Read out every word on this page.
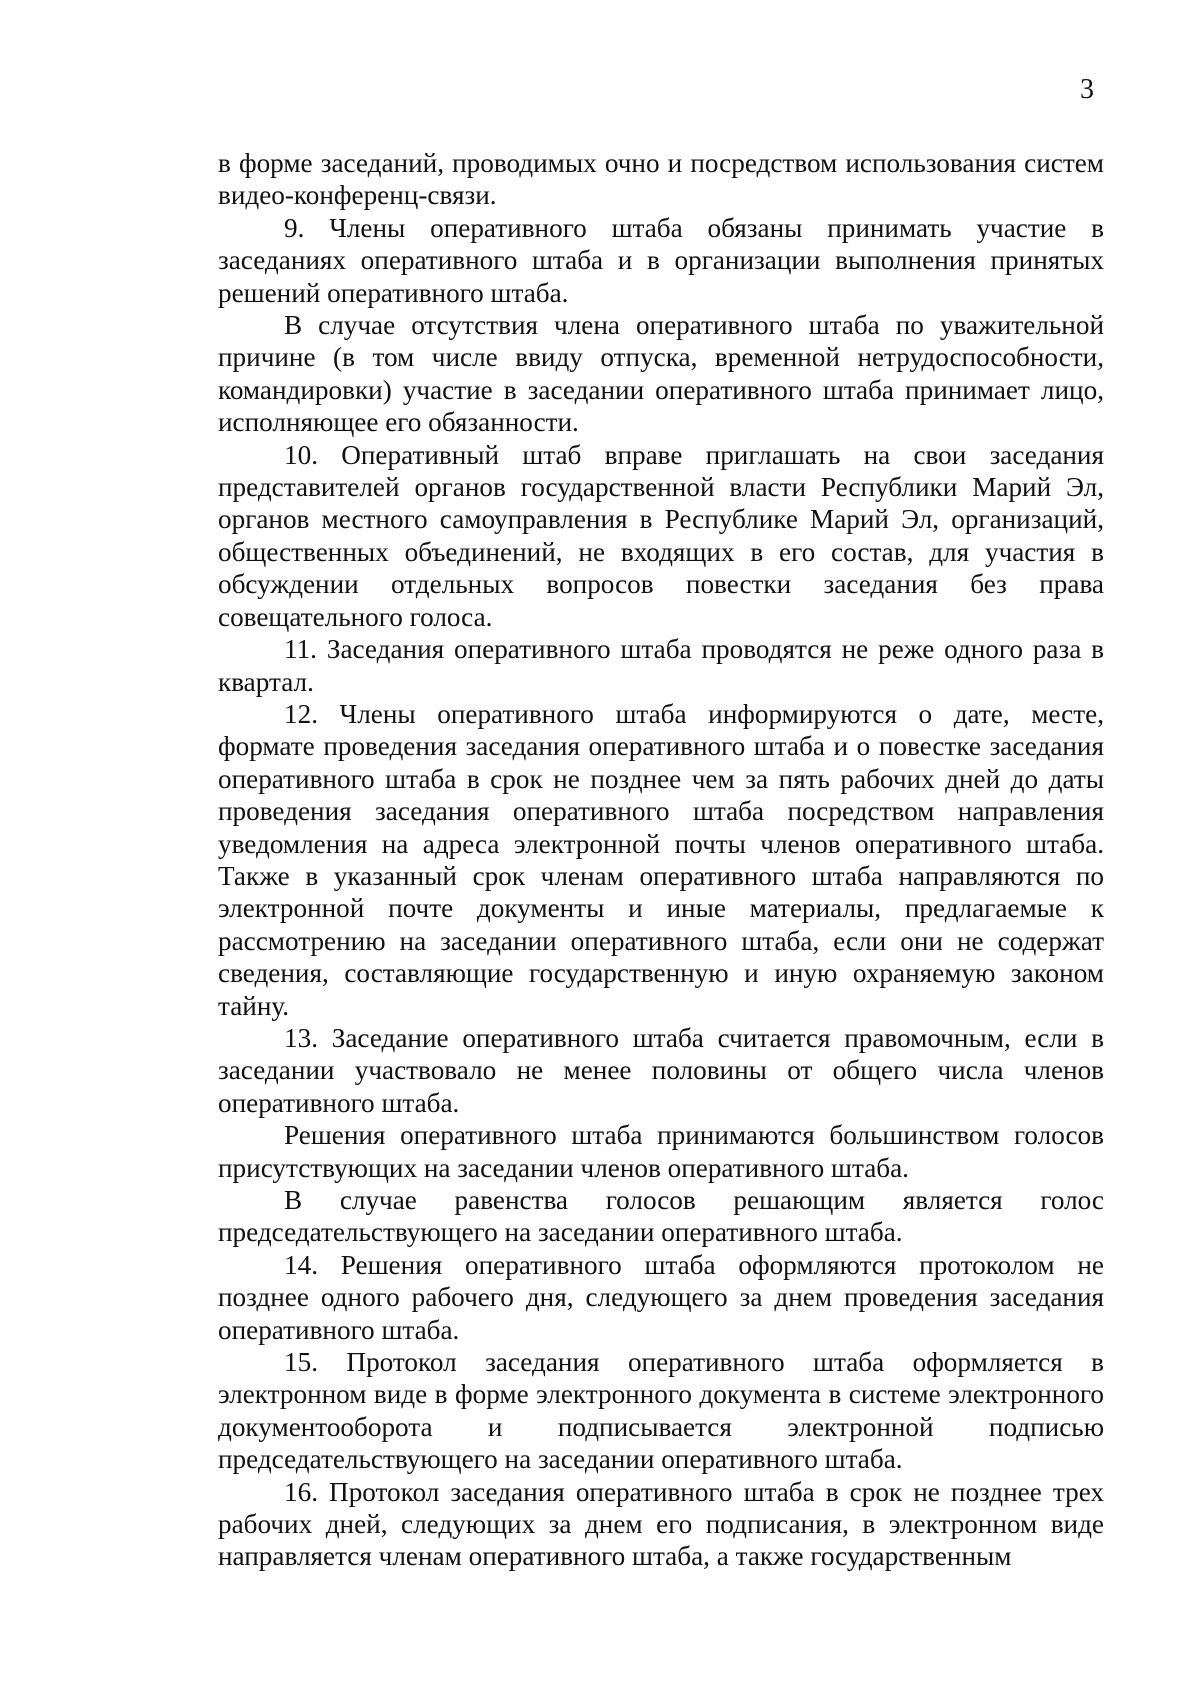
3

в форме заседаний, проводимых очно и посредством использования систем видео-конференц-связи.

9. Члены оперативного штаба обязаны принимать участие в заседаниях оперативного штаба и в организации выполнения принятых решений оперативного штаба.

В случае отсутствия члена оперативного штаба по уважительной причине (в том числе ввиду отпуска, временной нетрудоспособности, командировки) участие в заседании оперативного штаба принимает лицо, исполняющее его обязанности.

10. Оперативный штаб вправе приглашать на свои заседания представителей органов государственной власти Республики Марий Эл, органов местного самоуправления в Республике Марий Эл, организаций, общественных объединений, не входящих в его состав, для участия в обсуждении отдельных вопросов повестки заседания без права совещательного голоса.

11. Заседания оперативного штаба проводятся не реже одного раза в квартал.

12. Члены оперативного штаба информируются о дате, месте, формате проведения заседания оперативного штаба и о повестке заседания оперативного штаба в срок не позднее чем за пять рабочих дней до даты проведения заседания оперативного штаба посредством направления уведомления на адреса электронной почты членов оперативного штаба. Также в указанный срок членам оперативного штаба направляются по электронной почте документы и иные материалы, предлагаемые к рассмотрению на заседании оперативного штаба, если они не содержат сведения, составляющие государственную и иную охраняемую законом тайну.

13. Заседание оперативного штаба считается правомочным, если в заседании участвовало не менее половины от общего числа членов оперативного штаба.

Решения оперативного штаба принимаются большинством голосов присутствующих на заседании членов оперативного штаба.

В случае равенства голосов решающим является голос председательствующего на заседании оперативного штаба.

14. Решения оперативного штаба оформляются протоколом не позднее одного рабочего дня, следующего за днем проведения заседания оперативного штаба.

15. Протокол заседания оперативного штаба оформляется в электронном виде в форме электронного документа в системе электронного документооборота и подписывается электронной подписью председательствующего на заседании оперативного штаба.

16. Протокол заседания оперативного штаба в срок не позднее трех рабочих дней, следующих за днем его подписания, в электронном виде направляется членам оперативного штаба, а также государственным
